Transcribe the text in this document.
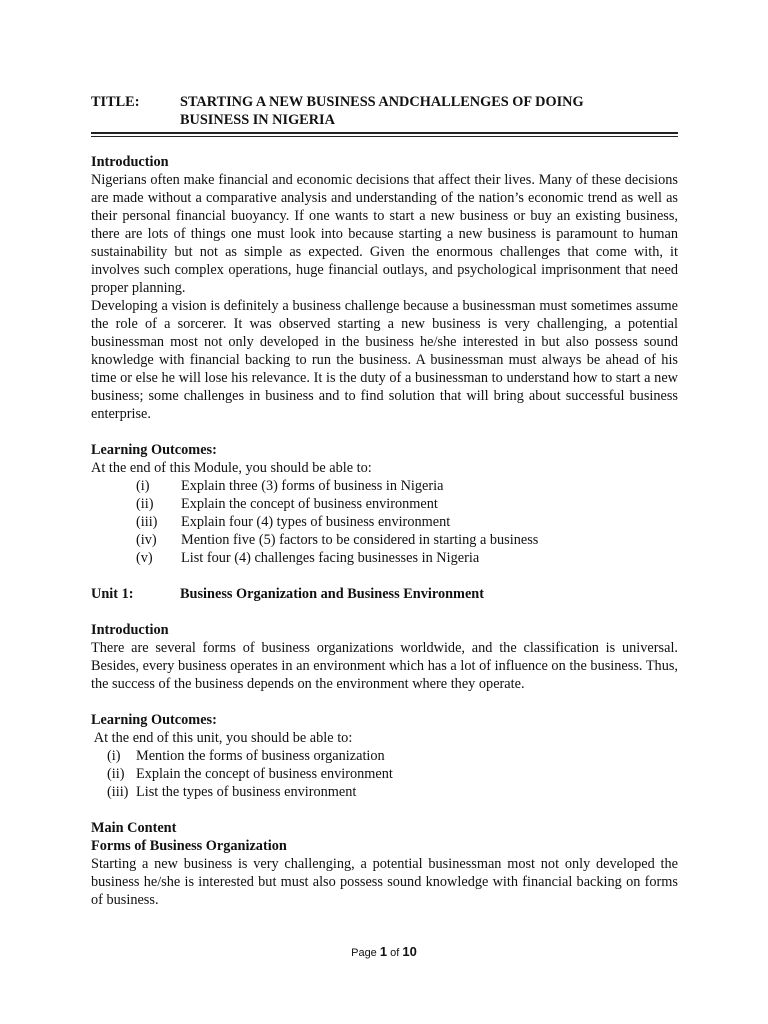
TITLE:	STARTING A NEW BUSINESS ANDCHALLENGES OF DOING
BUSINESS IN NIGERIA
Introduction

Nigerians often make financial and economic decisions that affect their lives. Many of these decisions are made without a comparative analysis and understanding of the nation’s economic trend as well as their personal financial buoyancy. If one wants to start a new business or buy an existing business, there are lots of things one must look into because starting a new business is paramount to human sustainability but not as simple as expected. Given the enormous challenges that come with, it involves such complex operations, huge financial outlays, and psychological imprisonment that need proper planning.

Developing a vision is definitely a business challenge because a businessman must sometimes assume the role of a sorcerer. It was observed starting a new business is very challenging, a potential businessman most not only developed in the business he/she interested in but also possess sound knowledge with financial backing to run the business. A businessman must always be ahead of his time or else he will lose his relevance. It is the duty of a businessman to understand how to start a new business; some challenges in business and to find solution that will bring about successful business enterprise.

Learning Outcomes:
At the end of this Module, you should be able to:
(i)	Explain three (3) forms of business in Nigeria
(ii)	Explain the concept of business environment
(iii)	Explain four (4) types of business environment
(iv)	Mention five (5) factors to be considered in starting a business
(v)	List four (4) challenges facing businesses in Nigeria
Unit 1:	Business Organization and Business Environment
Introduction

There are several forms of business organizations worldwide, and the classification is universal. Besides, every business operates in an environment which has a lot of influence on the business. Thus, the success of the business depends on the environment where they operate.

Learning Outcomes:
At the end of this unit, you should be able to:
(i)	Mention the forms of business organization
(ii) Explain the concept of business environment
(iii) List the types of business environment
Main Content
Forms of Business Organization

Starting a new business is very challenging, a potential businessman most not only developed the business he/she is interested but must also possess sound knowledge with financial backing on forms of business.

Page 1 of 10
